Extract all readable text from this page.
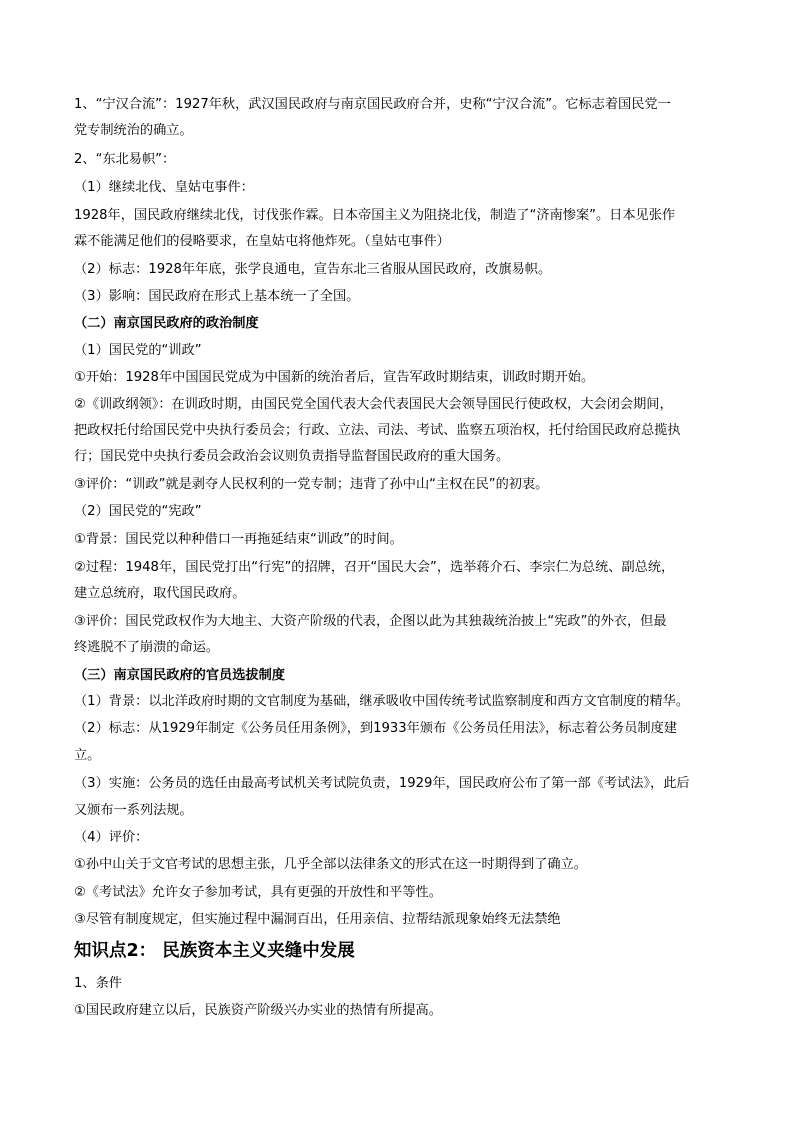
1、“宁汉合流”：1927年秋，武汉国民政府与南京国民政府合并，史称“宁汉合流”。它标志着国民党一
党专制统治的确立。
2、“东北易帜”：
（1）继续北伐、皇姑屯事件：
1928年，国民政府继续北伐，讨伐张作霖。日本帝国主义为阻挠北伐，制造了“济南惨案”。日本见张作
霖不能满足他们的侵略要求，在皇姑屯将他炸死。（皇姑屯事件）
（2）标志：1928年年底，张学良通电，宣告东北三省服从国民政府，改旗易帜。
（3）影响：国民政府在形式上基本统一了全国。
（二）南京国民政府的政治制度
（1）国民党的“训政”
①开始：1928年中国国民党成为中国新的统治者后，宣告军政时期结束，训政时期开始。
②《训政纲领》：在训政时期，由国民党全国代表大会代表国民大会领导国民行使政权，大会闭会期间，
把政权托付给国民党中央执行委员会；行政、立法、司法、考试、监察五项治权，托付给国民政府总揽执
行；国民党中央执行委员会政治会议则负责指导监督国民政府的重大国务。
③评价：“训政”就是剥夺人民权利的一党专制；违背了孙中山“主权在民”的初衷。
（2）国民党的“宪政”
①背景：国民党以种种借口一再拖延结束“训政”的时间。
②过程：1948年，国民党打出“行宪”的招牌，召开“国民大会”，选举蒋介石、李宗仁为总统、副总统，
建立总统府，取代国民政府。
③评价：国民党政权作为大地主、大资产阶级的代表，企图以此为其独裁统治披上“宪政”的外衣，但最
终逃脱不了崩溃的命运。
（三）南京国民政府的官员选拔制度
（1）背景：以北洋政府时期的文官制度为基础，继承吸收中国传统考试监察制度和西方文官制度的精华。
（2）标志：从1929年制定《公务员任用条例》，到1933年颁布《公务员任用法》，标志着公务员制度建
立。
（3）实施：公务员的选任由最高考试机关考试院负责，1929年，国民政府公布了第一部《考试法》，此后
又颁布一系列法规。
（4）评价：
①孙中山关于文官考试的思想主张，几乎全部以法律条文的形式在这一时期得到了确立。
②《考试法》允许女子参加考试，具有更强的开放性和平等性。
③尽管有制度规定，但实施过程中漏洞百出，任用亲信、拉帮结派现象始终无法禁绝
知识点2： 民族资本主义夹缝中发展
1、条件
①国民政府建立以后，民族资产阶级兴办实业的热情有所提高。
